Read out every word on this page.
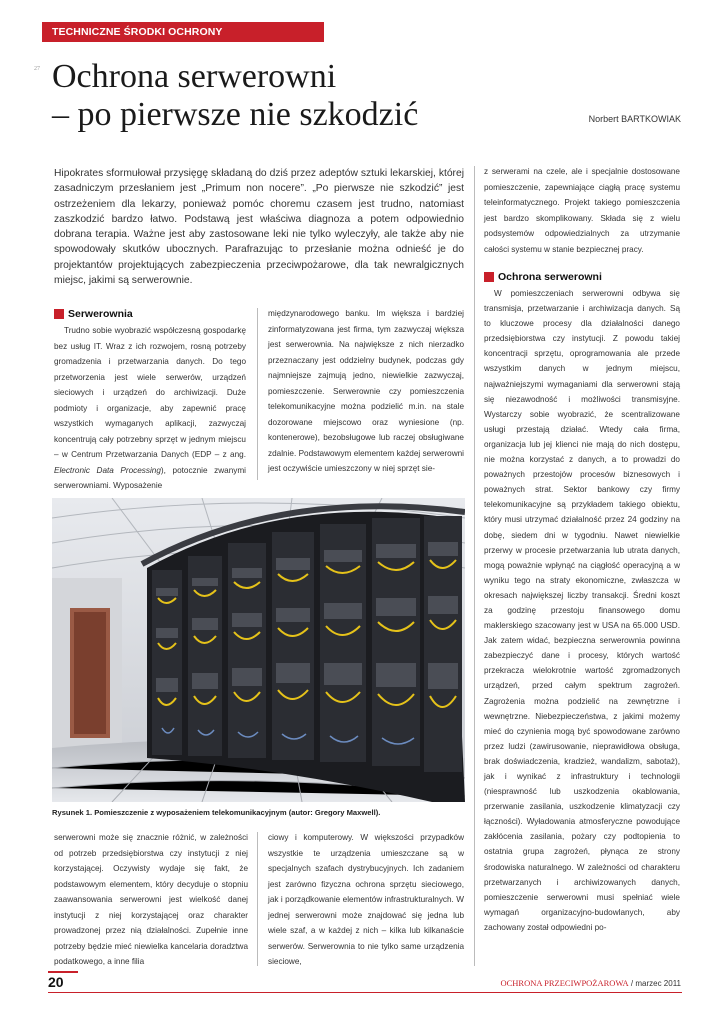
TECHNICZNE ŚRODKI OCHRONY PRZECIWPOŻAROWEJ
27 Ochrona serwerowni
– po pierwsze nie szkodzić	Norbert BARTKOWIAK

Hipokrates sformułował przysięgę składaną do dziś przez adeptów sztuki lekarskiej, której zasadniczym przesłaniem jest „Primum non nocere”. „Po pierwsze nie szkodzić” jest ostrzeżeniem dla lekarzy, ponieważ pomóc choremu czasem jest trudno, natomiast zaszkodzić bardzo łatwo. Podstawą jest właściwa diagnoza a potem odpowiednio dobrana terapia. Ważne jest aby zastosowane leki nie tylko wyleczyły, ale także aby nie spowodowały skutków ubocznych. Parafrazując to przesłanie można odnieść je do projektantów projektujących zabezpieczenia przeciwpożarowe, dla tak newralgicznych miejsc, jakimi są serwerownie.

Serwerownia

Trudno sobie wyobrazić współczesną gospodarkę bez usług IT. Wraz z ich rozwojem, rosną potrzeby gromadzenia i przetwarzania danych. Do tego przetworzenia jest wiele serwerów, urządzeń sieciowych i urządzeń do archiwizacji. Duże podmioty i organizacje, aby zapewnić pracę wszystkich wymaganych aplikacji, zazwyczaj koncentrują cały potrzebny sprzęt w jednym miejscu – w Centrum Przetwarzania Danych (EDP – z ang. Electronic Data Processing), potocznie zwanymi serwerowniami. Wyposażenie

międzynarodowego banku. Im większa i bardziej zinformatyzowana jest firma, tym zazwyczaj większa jest serwerownia. Na największe z nich nierzadko przeznaczany jest oddzielny budynek, podczas gdy najmniejsze zajmują jedno, niewielkie zazwyczaj, pomieszczenie. Serwerownie czy pomieszczenia telekomunikacyjne można podzielić m.in. na stale dozorowane miejscowo oraz wyniesione (np. kontenerowe), bezobsługowe lub raczej obsługiwane zdalnie. Podstawowym elementem każdej serwerowni jest oczywiście umieszczony w niej sprzęt sie-

z serwerami na czele, ale i specjalnie dostosowane pomieszczenie, zapewniające ciągłą pracę systemu teleinformatycznego. Projekt takiego pomieszczenia jest bardzo skomplikowany. Składa się z wielu podsystemów odpowiedzialnych za utrzymanie całości systemu w stanie bezpiecznej pracy.

Ochrona serwerowni

W pomieszczeniach serwerowni odbywa się transmisja, przetwarzanie i archiwizacja danych. Są to kluczowe procesy dla działalności danego przedsiębiorstwa czy instytucji. Z powodu takiej koncentracji sprzętu, oprogramowania ale przede wszystkim danych w jednym miejscu, najważniejszymi wymaganiami dla serwerowni stają się niezawodność i możliwości transmisyjne. Wystarczy sobie wyobrazić, że scentralizowane usługi przestają działać. Wtedy cała firma, organizacja lub jej klienci nie mają do nich dostępu, nie można korzystać z danych, a to prowadzi do poważnych przestojów procesów biznesowych i poważnych strat. Sektor bankowy czy firmy telekomunikacyjne są przykładem takiego obiektu, który musi utrzymać działalność przez 24 godziny na dobę, siedem dni w tygodniu. Nawet niewielkie przerwy w procesie przetwarzania lub utrata danych, mogą poważnie wpłynąć na ciągłość operacyjną a w wyniku tego na straty ekonomiczne, zwłaszcza w okresach największej liczby transakcji. Średni koszt za godzinę przestoju finansowego domu maklerskiego szacowany jest w USA na 65.000 USD. Jak zatem widać, bezpieczna serwerownia powinna zabezpieczyć dane i procesy, których wartość przekracza wielokrotnie wartość zgromadzonych urządzeń, przed całym spektrum zagrożeń. Zagrożenia można podzielić na zewnętrzne i wewnętrzne. Niebezpieczeństwa, z jakimi możemy mieć do czynienia mogą być spowodowane zarówno przez ludzi (zawirusowanie, nieprawidłowa obsługa, brak doświadczenia, kradzież, wandalizm, sabotaż), jak i wynikać z infrastruktury i technologii (niesprawność lub uszkodzenia okablowania, przerwanie zasilania, uszkodzenie klimatyzacji czy łączności). Wyładowania atmosferyczne powodujące zakłócenia zasilania, pożary czy podtopienia to ostatnia grupa zagrożeń, płynąca ze strony środowiska naturalnego. W zależności od charakteru przetwarzanych i archiwizowanych danych, pomieszczenie serwerowni musi spełniać wiele wymagań organizacyjno-budowlanych, aby zachowany został odpowiedni po-

Rysunek 1. Pomieszczenie z wyposażeniem telekomunikacyjnym (autor: Gregory Maxwell).

serwerowni może się znacznie różnić, w zależności od potrzeb przedsiębiorstwa czy instytucji z niej korzystającej. Oczywisty wydaje się fakt, że podstawowym elementem, który decyduje o stopniu zaawansowania serwerowni jest wielkość danej instytucji z niej korzystającej oraz charakter prowadzonej przez nią działalności. Zupełnie inne potrzeby będzie mieć niewielka kancelaria doradztwa podatkowego, a inne filia

ciowy i komputerowy. W większości przypadków wszystkie te urządzenia umieszczane są w specjalnych szafach dystrybucyjnych. Ich zadaniem jest zarówno fizyczna ochrona sprzętu sieciowego, jak i porządkowanie elementów infrastrukturalnych. W jednej serwerowni może znajdować się jedna lub wiele szaf, a w każdej z nich – kilka lub kilkanaście serwerów. Serwerownia to nie tylko same urządzenia sieciowe,

20	OCHRONA PRZECIWPOŻAROWA / marzec 2011
